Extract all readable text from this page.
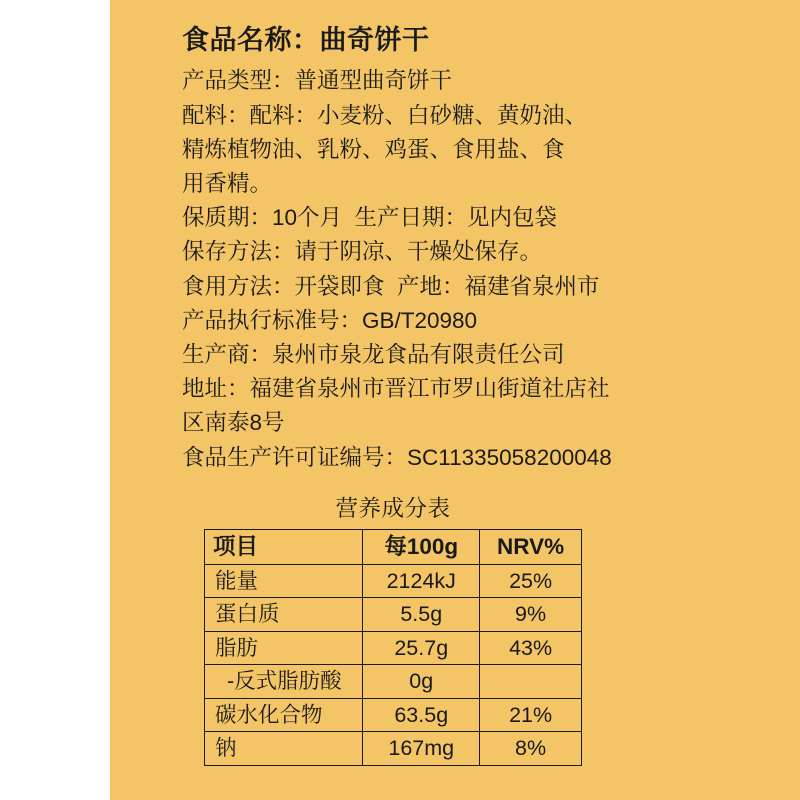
食品名称：曲奇饼干
产品类型：普通型曲奇饼干
配料：配料：小麦粉、白砂糖、黄奶油、
精炼植物油、乳粉、鸡蛋、食用盐、食
用香精。
保质期：10个月  生产日期：见内包袋
保存方法：请于阴凉、干燥处保存。
食用方法：开袋即食  产地：福建省泉州市
产品执行标准号：GB/T20980
生产商：泉州市泉龙食品有限责任公司
地址：福建省泉州市晋江市罗山街道社店社
区南泰8号
食品生产许可证编号：SC11335058200048
营养成分表
项目	每100g	NRV%
能量	2124kJ	25%
蛋白质	5.5g	9%
脂肪	25.7g	43%
-反式脂肪酸	0g	
碳水化合物	63.5g	21%
钠	167mg	8%
